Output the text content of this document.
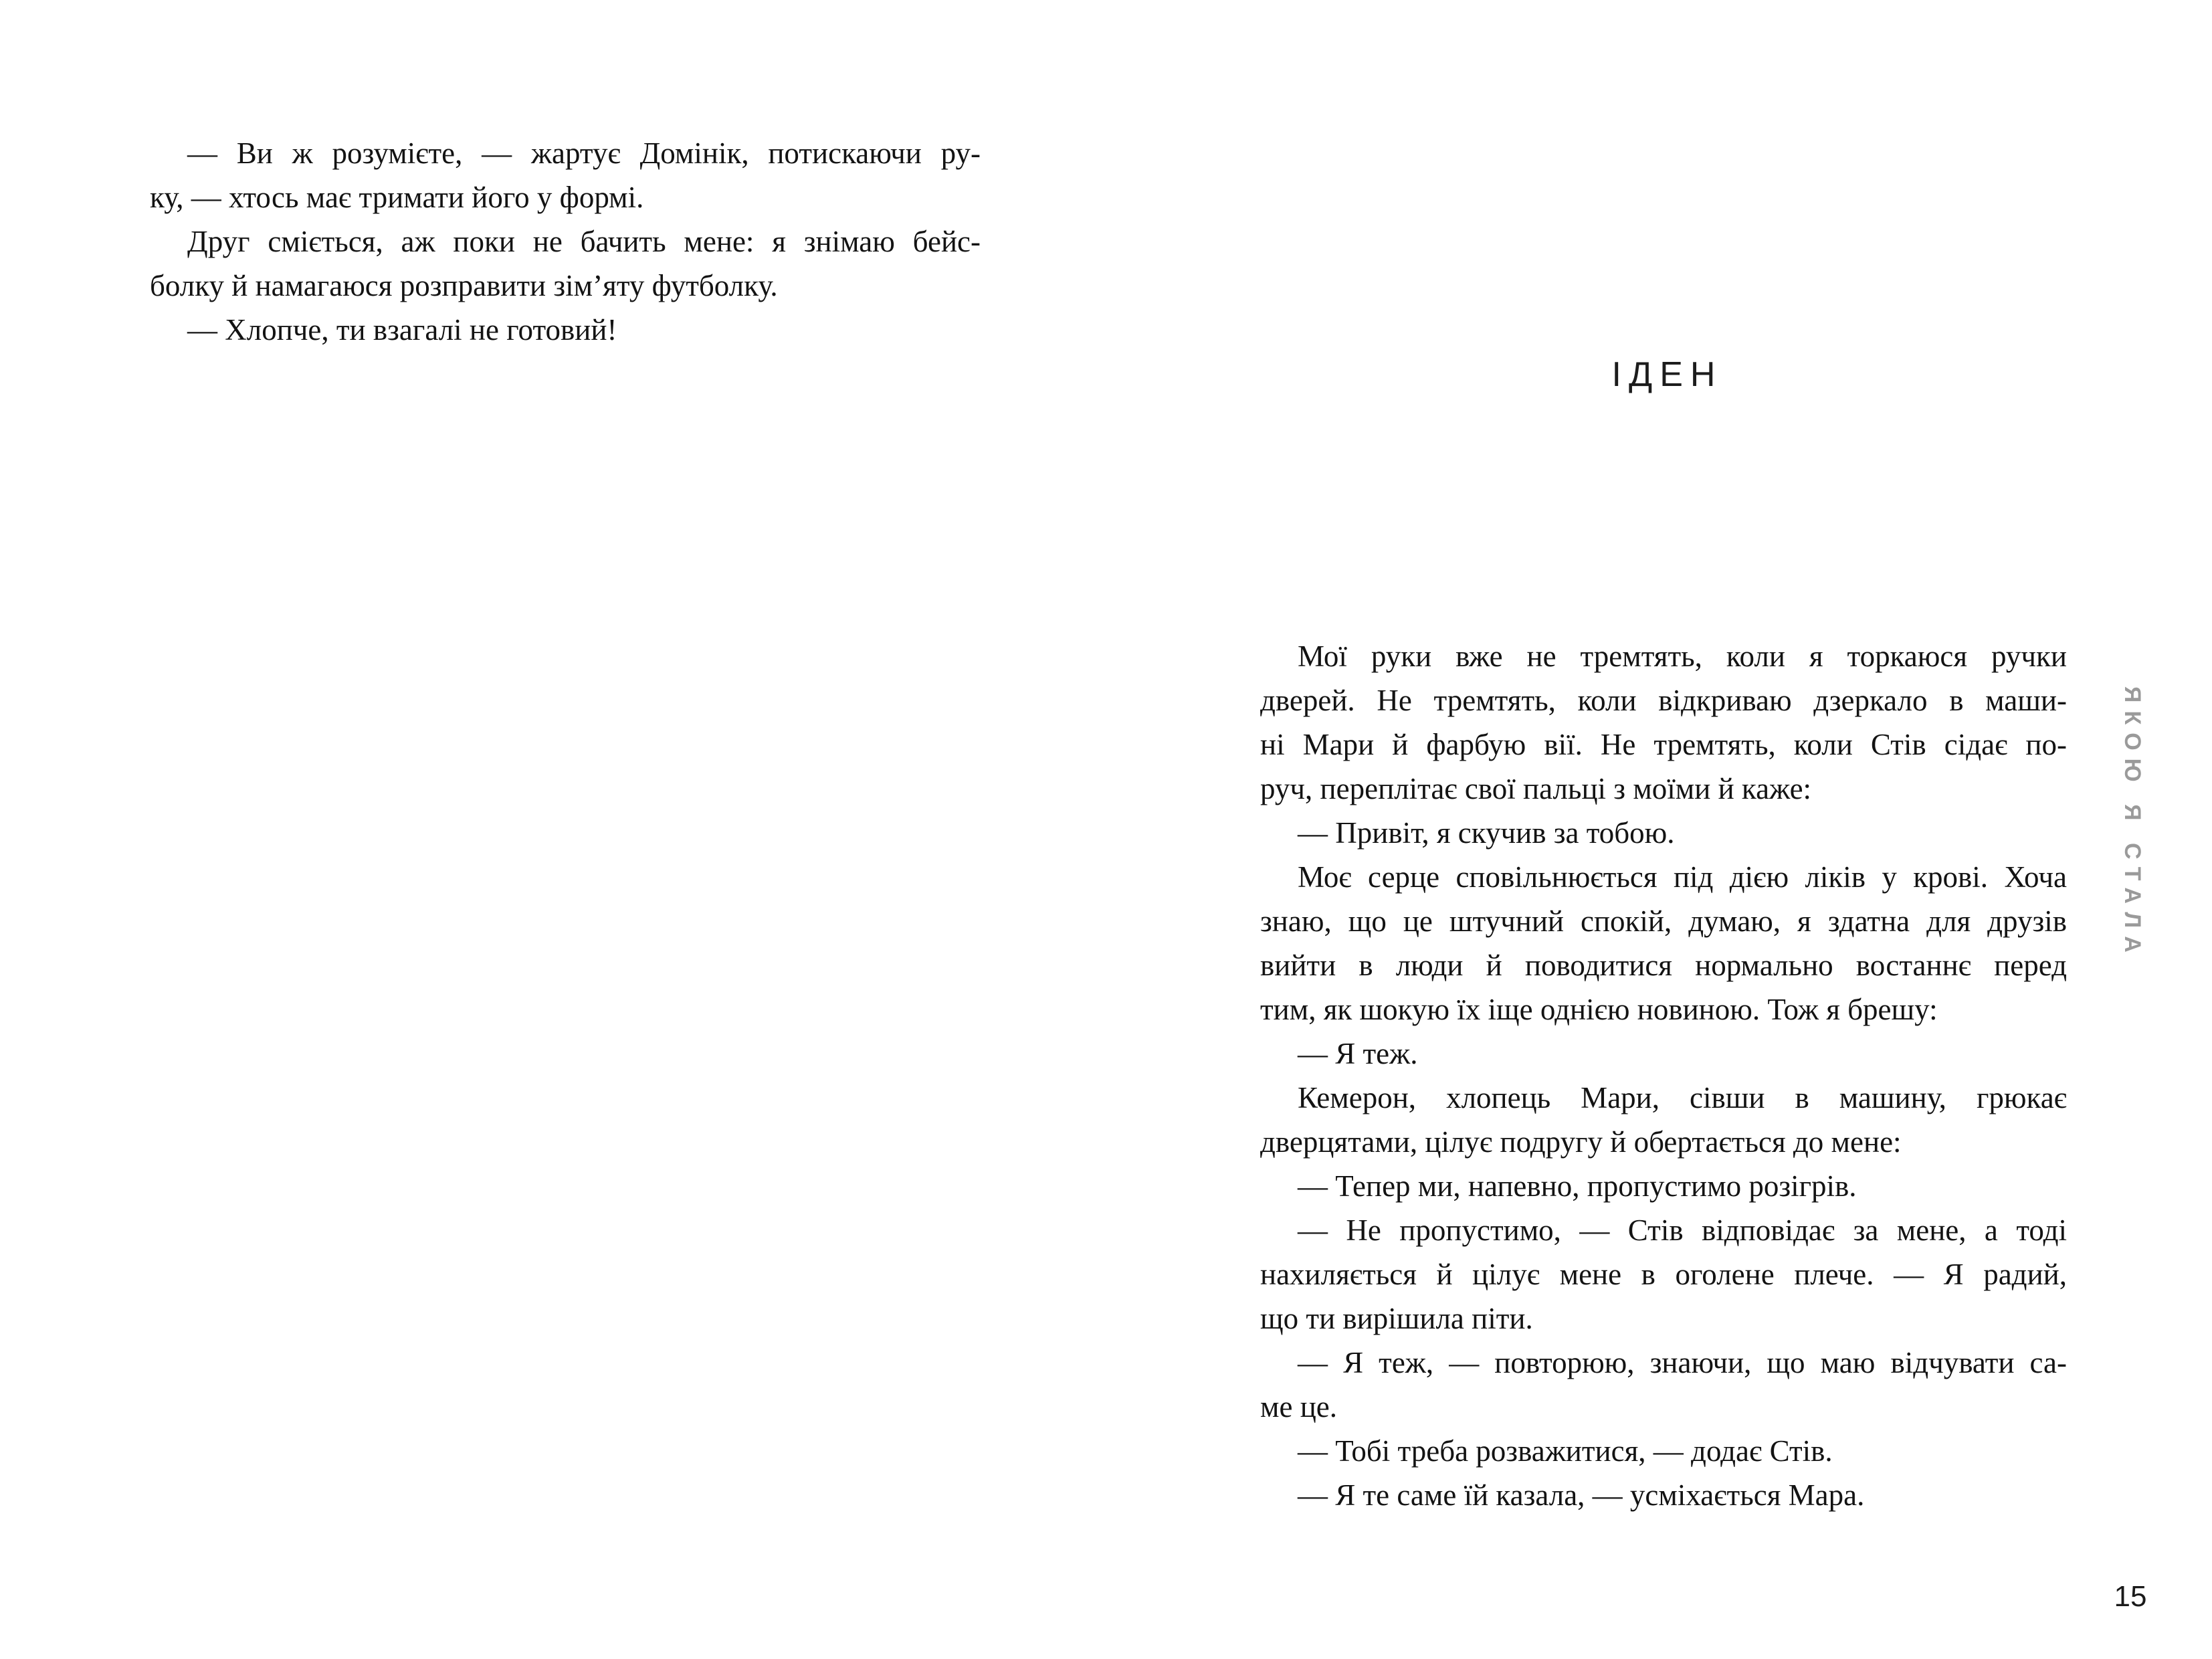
— Ви ж розумієте, — жартує Домінік, потискаючи ру-
ку, — хтось має тримати його у формі.
Друг сміється, аж поки не бачить мене: я знімаю бейс-
болку й намагаюся розправити зім’яту футболку.
— Хлопче, ти взагалі не готовий!
ІДЕН
Мої руки вже не тремтять, коли я торкаюся ручки
дверей. Не тремтять, коли відкриваю дзеркало в маши-
ні Мари й фарбую вії. Не тремтять, коли Стів сідає по-
руч, переплітає свої пальці з моїми й каже:
— Привіт, я скучив за тобою.
Моє серце сповільнюється під дією ліків у крові. Хоча
знаю, що це штучний спокій, думаю, я здатна для друзів
вийти в люди й поводитися нормально востаннє перед
тим, як шокую їх іще однією новиною. Тож я брешу:
— Я теж.
Кемерон, хлопець Мари, сівши в машину, грюкає
дверцятами, цілує подругу й обертається до мене:
— Тепер ми, напевно, пропустимо розігрів.
— Не пропустимо, — Стів відповідає за мене, а тоді
нахиляється й цілує мене в оголене плече. — Я радий,
що ти вирішила піти.
— Я теж, — повторюю, знаючи, що маю відчувати са-
ме це.
— Тобі треба розважитися, — додає Стів.
— Я те саме їй казала, — усміхається Мара.
ЯКОЮ Я СТАЛА
15
